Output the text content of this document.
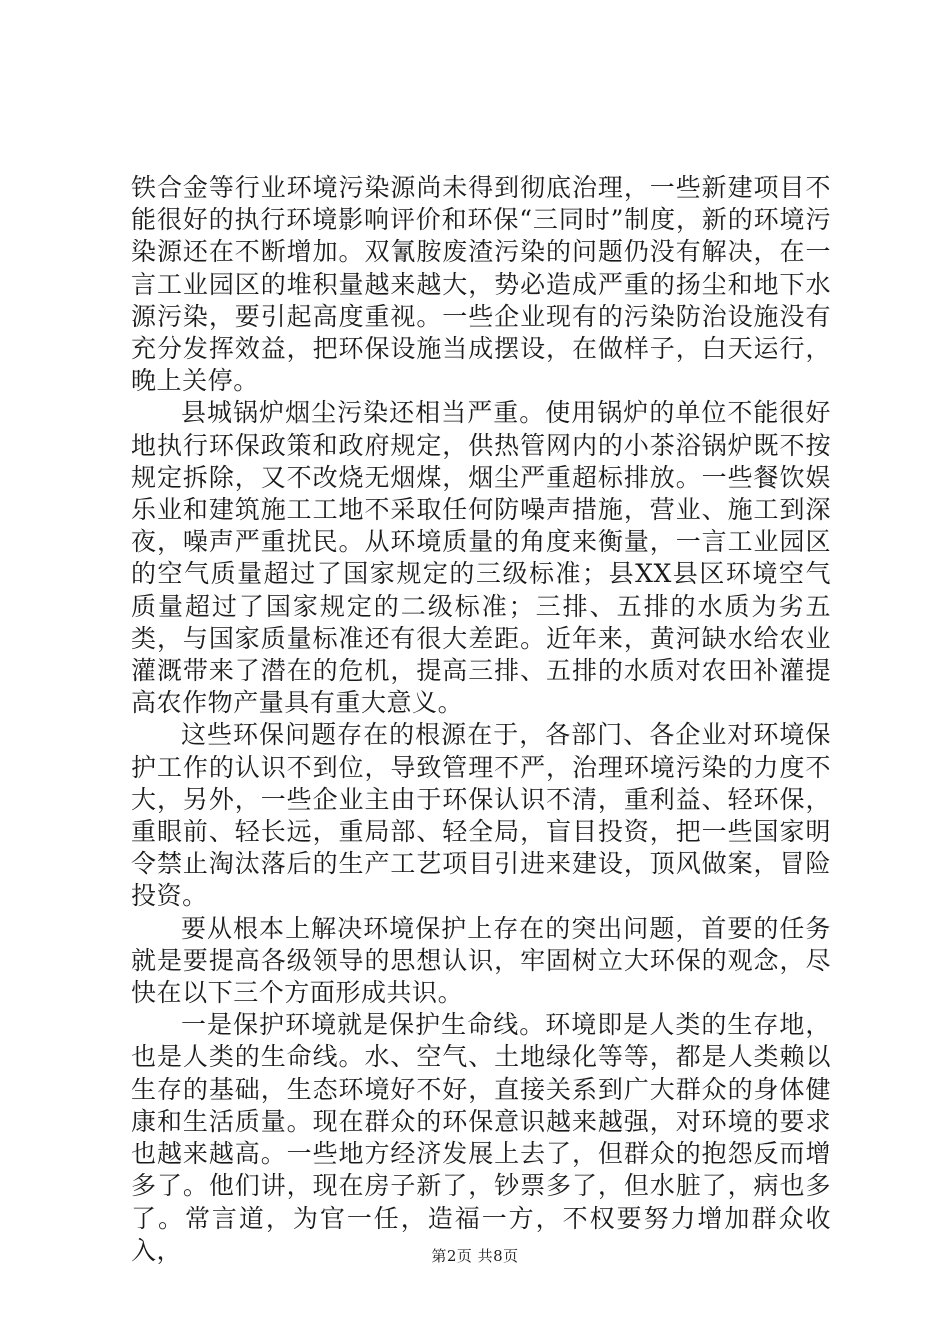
铁合金等行业环境污染源尚未得到彻底治理，一些新建项目不能很好的执行环境影响评价和环保“三同时”制度，新的环境污染源还在不断增加。双氰胺废渣污染的问题仍没有解决，在一言工业园区的堆积量越来越大，势必造成严重的扬尘和地下水源污染，要引起高度重视。一些企业现有的污染防治设施没有充分发挥效益，把环保设施当成摆设，在做样子，白天运行，晚上关停。

县城锅炉烟尘污染还相当严重。使用锅炉的单位不能很好地执行环保政策和政府规定，供热管网内的小茶浴锅炉既不按规定拆除，又不改烧无烟煤，烟尘严重超标排放。一些餐饮娱乐业和建筑施工工地不采取任何防噪声措施，营业、施工到深夜，噪声严重扰民。从环境质量的角度来衡量，一言工业园区的空气质量超过了国家规定的三级标准；县XX县区环境空气质量超过了国家规定的二级标准；三排、五排的水质为劣五类，与国家质量标准还有很大差距。近年来，黄河缺水给农业灌溉带来了潜在的危机，提高三排、五排的水质对农田补灌提高农作物产量具有重大意义。

这些环保问题存在的根源在于，各部门、各企业对环境保护工作的认识不到位，导致管理不严，治理环境污染的力度不大，另外，一些企业主由于环保认识不清，重利益、轻环保，重眼前、轻长远，重局部、轻全局，盲目投资，把一些国家明令禁止淘汰落后的生产工艺项目引进来建设，顶风做案，冒险投资。

要从根本上解决环境保护上存在的突出问题，首要的任务就是要提高各级领导的思想认识，牢固树立大环保的观念，尽快在以下三个方面形成共识。

一是保护环境就是保护生命线。环境即是人类的生存地，也是人类的生命线。水、空气、土地绿化等等，都是人类赖以生存的基础，生态环境好不好，直接关系到广大群众的身体健康和生活质量。现在群众的环保意识越来越强，对环境的要求也越来越高。一些地方经济发展上去了，但群众的抱怨反而增多了。他们讲，现在房子新了，钞票多了，但水脏了，病也多了。常言道，为官一任，造福一方，不权要努力增加群众收入，	第2页 共8页
